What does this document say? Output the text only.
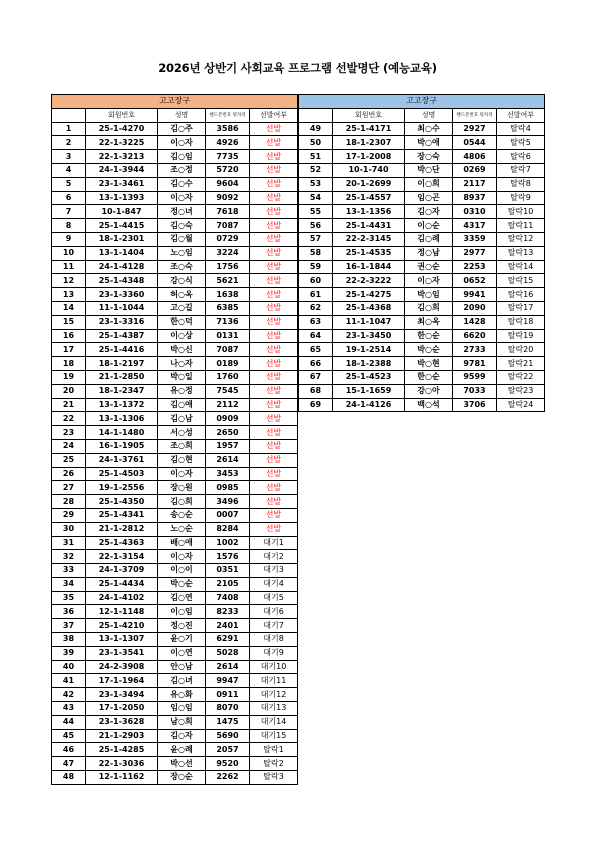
2026년 상반기 사회교육 프로그램 선발명단 (예능교육)
고고장구				
	회원번호	성명	핸드폰번호 뒷자리	선발여부
1	25-1-4270	김○주	3586	선발
2	22-1-3225	이○자	4926	선발
3	22-1-3213	김○임	7735	선발
4	24-1-3944	조○정	5720	선발
5	23-1-3461	김○수	9604	선발
6	13-1-1393	이○자	9092	선발
7	10-1-847	정○녀	7618	선발
8	25-1-4415	김○숙	7087	선발
9	18-1-2301	김○월	0729	선발
10	13-1-1404	노○임	3224	선발
11	24-1-4128	조○숙	1756	선발
12	25-1-4348	강○식	5621	선발
13	23-1-3360	허○옥	1638	선발
14	11-1-1044	고○길	6385	선발
15	23-1-3316	한○덕	7136	선발
16	25-1-4387	이○상	0131	선발
17	25-1-4416	박○신	7087	선발
18	18-1-2197	나○자	0189	선발
19	21-1-2850	박○일	1760	선발
20	18-1-2347	유○정	7545	선발
21	13-1-1372	김○애	2112	선발
22	13-1-1306	김○남	0909	선발
23	14-1-1480	서○성	2650	선발
24	16-1-1905	조○희	1957	선발
25	24-1-3761	김○현	2614	선발
26	25-1-4503	이○자	3453	선발
27	19-1-2556	장○원	0985	선발
28	25-1-4350	김○희	3496	선발
29	25-1-4341	송○순	0007	선발
30	21-1-2812	노○순	8284	선발
31	25-1-4363	배○애	1002	대기1
32	22-1-3154	이○자	1576	대기2
33	24-1-3709	이○이	0351	대기3
34	25-1-4434	박○순	2105	대기4
35	24-1-4102	김○연	7408	대기5
36	12-1-1148	이○임	8233	대기6
37	25-1-4210	정○진	2401	대기7
38	13-1-1307	윤○기	6291	대기8
39	23-1-3541	이○연	5028	대기9
40	24-2-3908	안○남	2614	대기10
41	17-1-1964	김○녀	9947	대기11
42	23-1-3494	유○화	0911	대기12
43	17-1-2050	임○임	8070	대기13
44	23-1-3628	남○희	1475	대기14
45	21-1-2903	김○자	5690	대기15
46	25-1-4285	윤○례	2057	탈락1
47	22-1-3036	박○선	9520	탈락2
48	12-1-1162	장○순	2262	탈락3
고고장구				
	회원번호	성명	핸드폰번호 뒷자리	선발여부
49	25-1-4171	최○수	2927	탈락4
50	18-1-2307	박○애	0544	탈락5
51	17-1-2008	장○숙	4806	탈락6
52	10-1-740	박○단	0269	탈락7
53	20-1-2699	이○희	2117	탈락8
54	25-1-4557	임○곤	8937	탈락9
55	13-1-1356	김○자	0310	탈락10
56	25-1-4431	이○순	4317	탈락11
57	22-2-3145	김○례	3359	탈락12
58	25-1-4535	정○남	2977	탈락13
59	16-1-1844	권○순	2253	탈락14
60	22-2-3222	이○자	0652	탈락15
61	25-1-4275	박○임	9941	탈락16
62	25-1-4368	김○희	2090	탈락17
63	11-1-1047	최○옥	1428	탈락18
64	23-1-3450	한○순	6620	탈락19
65	19-1-2514	박○순	2733	탈락20
66	18-1-2388	박○현	9781	탈락21
67	25-1-4523	한○순	9599	탈락22
68	15-1-1659	강○아	7033	탈락23
69	24-1-4126	백○석	3706	탈락24
